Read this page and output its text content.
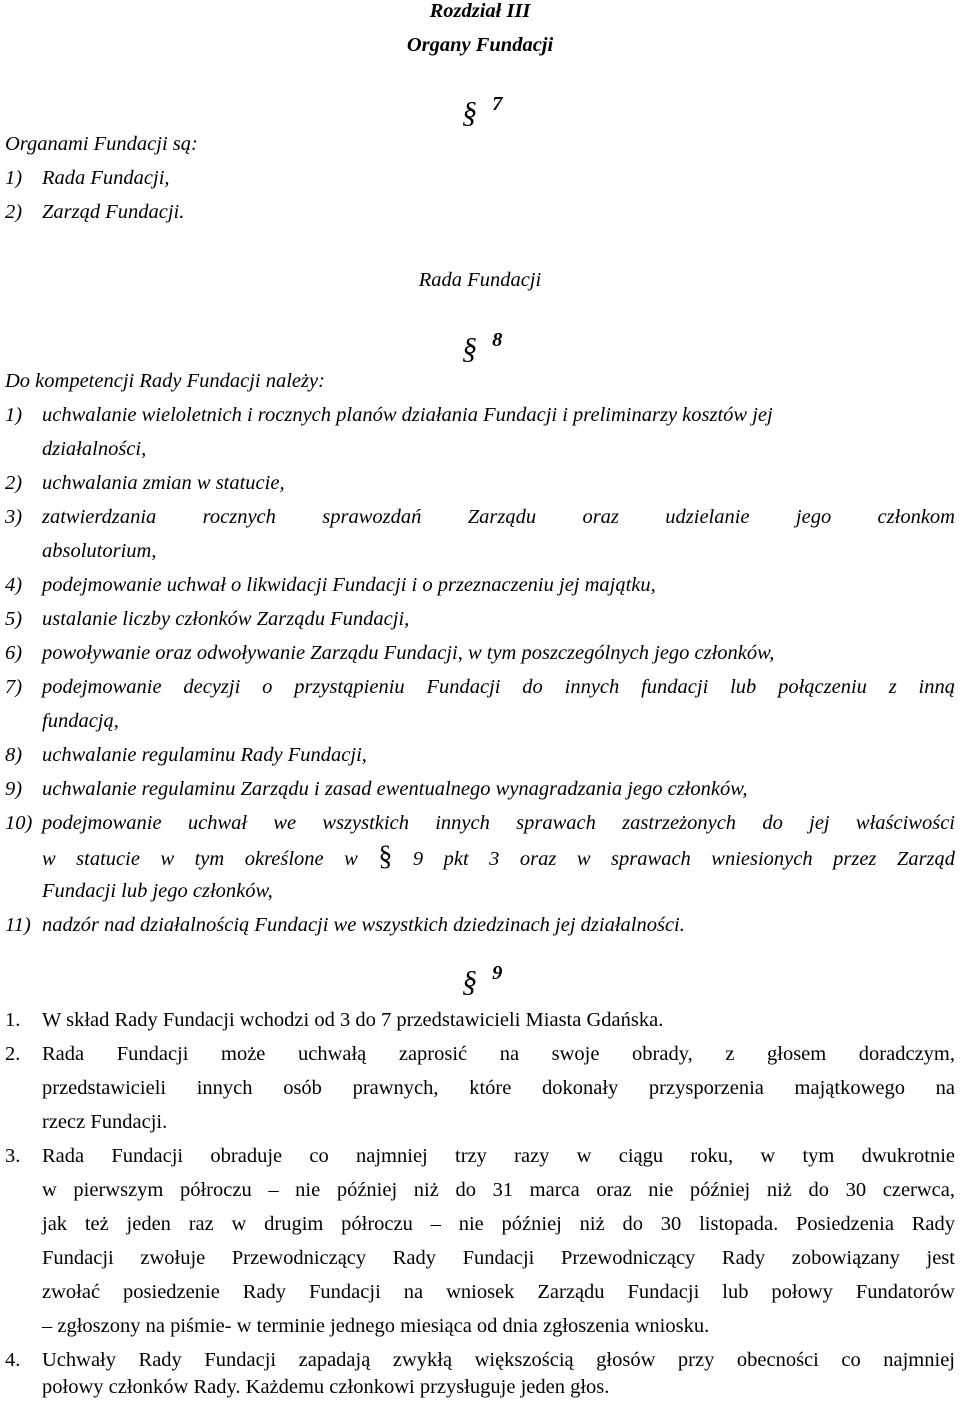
Rozdział III
Organy Fundacji
§ 7
Organami Fundacji są:
1) Rada Fundacji,
2) Zarząd Fundacji.
Rada Fundacji
§ 8
Do kompetencji Rady Fundacji należy:
1) uchwalanie wieloletnich i rocznych planów działania Fundacji i preliminarzy kosztów jej
działalności,
2) uchwalania zmian w statucie,
3) zatwierdzania rocznych sprawozdań Zarządu oraz udzielanie jego członkom
absolutorium,
4) podejmowanie uchwał o likwidacji Fundacji i o przeznaczeniu jej majątku,
5) ustalanie liczby członków Zarządu Fundacji,
6) powoływanie oraz odwoływanie Zarządu Fundacji, w tym poszczególnych jego członków,
7) podejmowanie decyzji o przystąpieniu Fundacji do innych fundacji lub połączeniu z inną
fundacją,
8) uchwalanie regulaminu Rady Fundacji,
9) uchwalanie regulaminu Zarządu i zasad ewentualnego wynagradzania jego członków,
10) podejmowanie uchwał we wszystkich innych sprawach zastrzeżonych do jej właściwości
w statucie w tym określone w § 9 pkt 3 oraz w sprawach wniesionych przez Zarząd
Fundacji lub jego członków,
11) nadzór nad działalnością Fundacji we wszystkich dziedzinach jej działalności.
§ 9
1. W skład Rady Fundacji wchodzi od 3 do 7 przedstawicieli Miasta Gdańska.
2. Rada Fundacji może uchwałą zaprosić na swoje obrady, z głosem doradczym,
przedstawicieli innych osób prawnych, które dokonały przysporzenia majątkowego na
rzecz Fundacji.
3. Rada Fundacji obraduje co najmniej trzy razy w ciągu roku, w tym dwukrotnie
w pierwszym półroczu – nie później niż do 31 marca oraz nie później niż do 30 czerwca,
jak też jeden raz w drugim półroczu – nie później niż do 30 listopada. Posiedzenia Rady
Fundacji zwołuje Przewodniczący Rady Fundacji Przewodniczący Rady zobowiązany jest
zwołać posiedzenie Rady Fundacji na wniosek Zarządu Fundacji lub połowy Fundatorów
– zgłoszony na piśmie- w terminie jednego miesiąca od dnia zgłoszenia wniosku.
4. Uchwały Rady Fundacji zapadają zwykłą większością głosów przy obecności co najmniej
połowy członków Rady. Każdemu członkowi przysługuje jeden głos.
